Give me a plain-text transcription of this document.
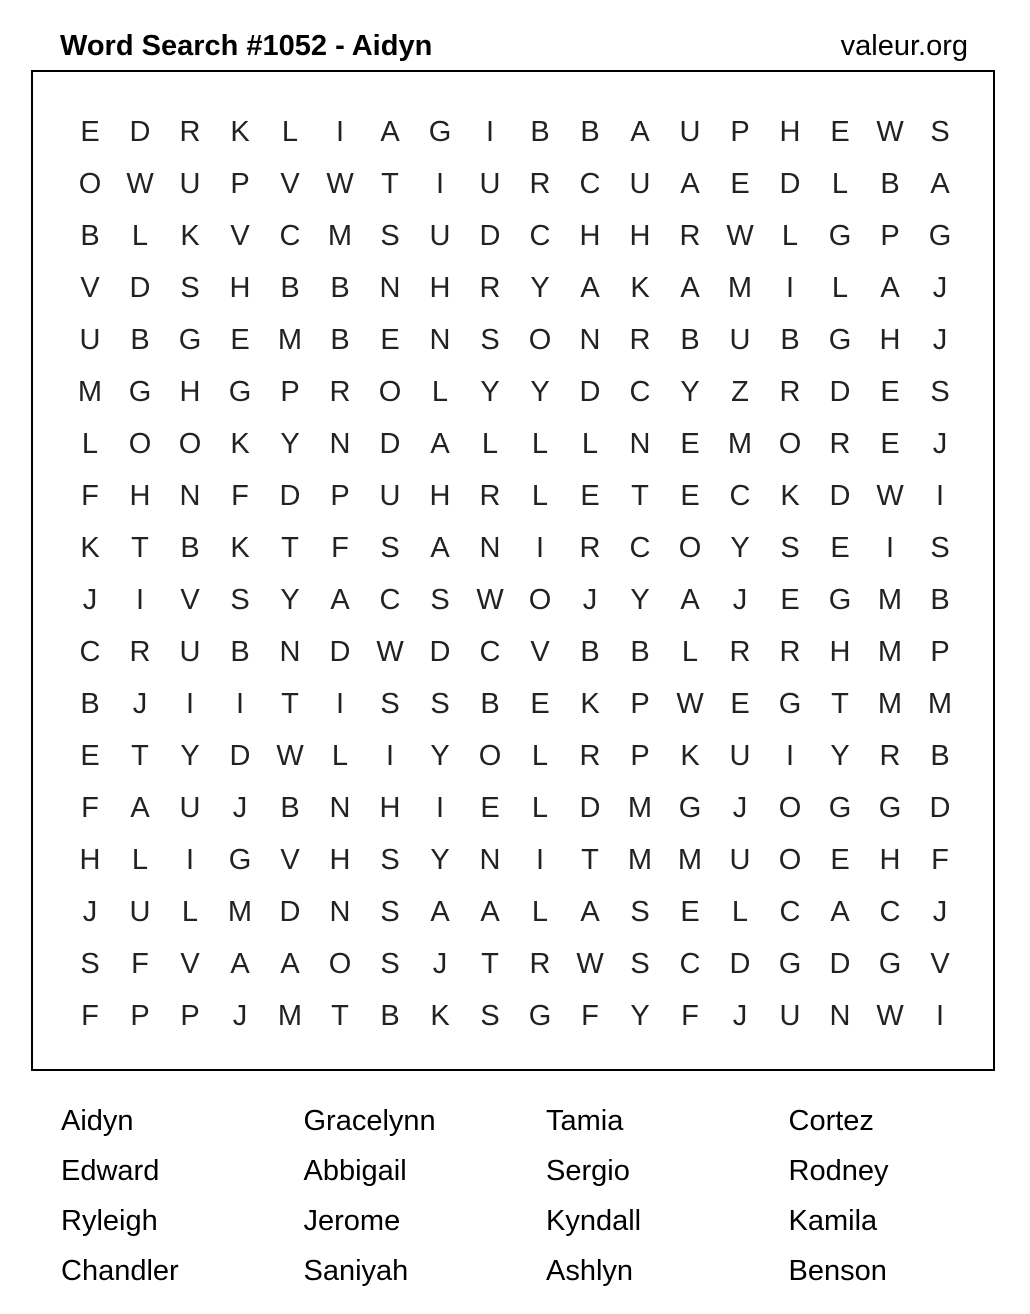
Word Search #1052 - Aidyn	valeur.org
E	D	R	K	L	I	A	G	I	B	B	A	U	P	H	E W S
O W U	P	V W T	I	U	R	C	U	A	E	D	L	B	A
B	L	K	V	C M S	U	D	C	H	H	R W L	G	P	G
V	D	S	H	B	B	N	H	R	Y	A	K	A M	I	L	A	J
U	B	G	E M B	E	N	S	O N	R	B	U	B	G H	J
M G H G	P	R O	L	Y	Y	D	C	Y	Z	R	D	E	S
L	O O	K	Y	N	D	A	L	L	L	N	E M O R	E	J
F	H	N	F	D	P	U	H	R	L	E	T	E	C	K	D W	I
K	T	B	K	T	F	S	A	N	I	R	C O	Y	S	E	I	S
J	I	V	S	Y	A	C	S W O	J	Y	A	J	E	G M B
C	R	U	B	N	D W D	C	V	B	B	L	R	R	H M P
B	J	I	I	T	I	S	S	B	E	K	P W E	G	T	M M
E	T	Y	D W L	I	Y	O	L	R	P	K	U	I	Y	R	B
F	A	U	J	B	N	H	I	E	L	D M G	J	O G G D
H	L	I	G	V	H	S	Y	N	I	T	M M U O	E	H	F
J	U	L	M D	N	S	A	A	L	A	S	E	L	C	A	C	J
S	F	V	A	A	O	S	J	T	R W S	C	D G D G	V
F	P	P	J	M	T	B	K	S	G	F	Y	F	J	U	N W	I
Aidyn	Gracelynn	Tamia	Cortez
Edward	Abbigail	Sergio	Rodney
Ryleigh	Jerome	Kyndall	Kamila
Chandler	Saniyah	Ashlyn	Benson
